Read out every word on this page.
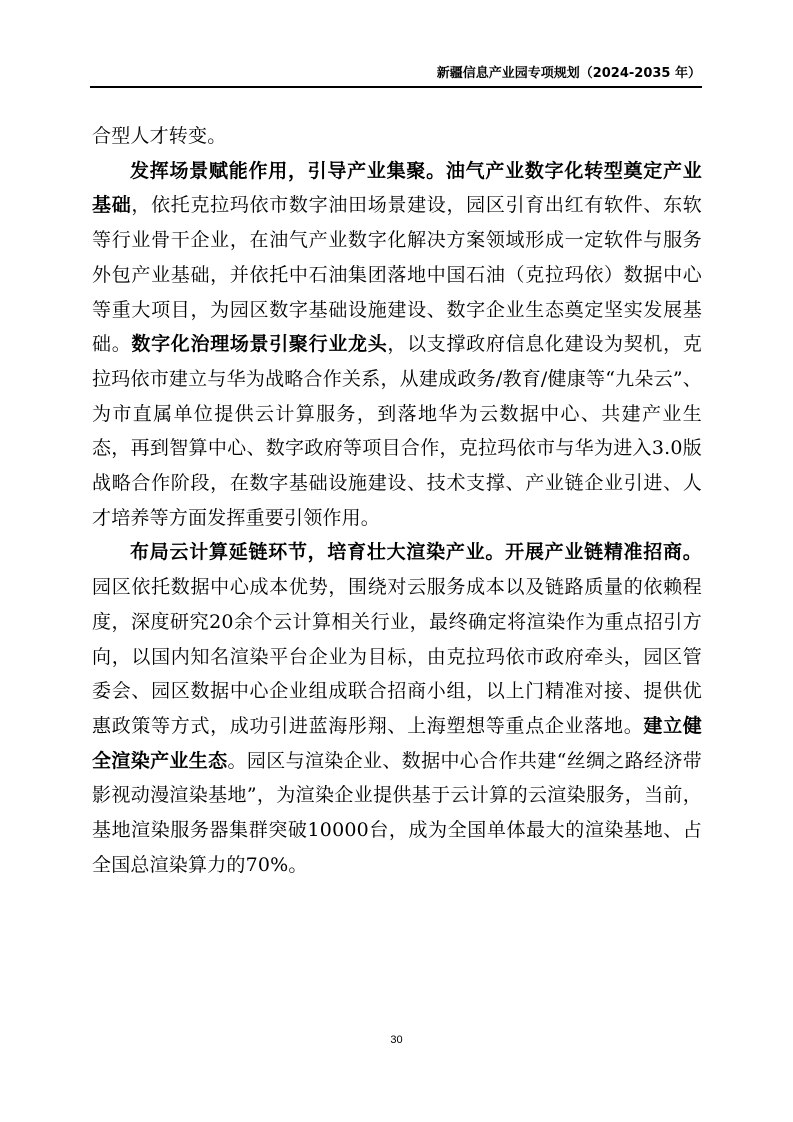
新疆信息产业园专项规划（2024-2035 年）

合型人才转变。

发挥场景赋能作用，引导产业集聚。油气产业数字化转型奠定产业基础，依托克拉玛依市数字油田场景建设，园区引育出红有软件、东软等行业骨干企业，在油气产业数字化解决方案领域形成一定软件与服务外包产业基础，并依托中石油集团落地中国石油（克拉玛依）数据中心等重大项目，为园区数字基础设施建设、数字企业生态奠定坚实发展基础。数字化治理场景引聚行业龙头，以支撑政府信息化建设为契机，克拉玛依市建立与华为战略合作关系，从建成政务/教育/健康等“九朵云”、为市直属单位提供云计算服务，到落地华为云数据中心、共建产业生态，再到智算中心、数字政府等项目合作，克拉玛依市与华为进入3.0版战略合作阶段，在数字基础设施建设、技术支撑、产业链企业引进、人才培养等方面发挥重要引领作用。

布局云计算延链环节，培育壮大渲染产业。开展产业链精准招商。园区依托数据中心成本优势，围绕对云服务成本以及链路质量的依赖程度，深度研究20余个云计算相关行业，最终确定将渲染作为重点招引方向，以国内知名渲染平台企业为目标，由克拉玛依市政府牵头，园区管委会、园区数据中心企业组成联合招商小组，以上门精准对接、提供优惠政策等方式，成功引进蓝海彤翔、上海塑想等重点企业落地。建立健全渲染产业生态。园区与渲染企业、数据中心合作共建“丝绸之路经济带影视动漫渲染基地”，为渲染企业提供基于云计算的云渲染服务，当前，基地渲染服务器集群突破10000台，成为全国单体最大的渲染基地、占全国总渲染算力的70%。

30
